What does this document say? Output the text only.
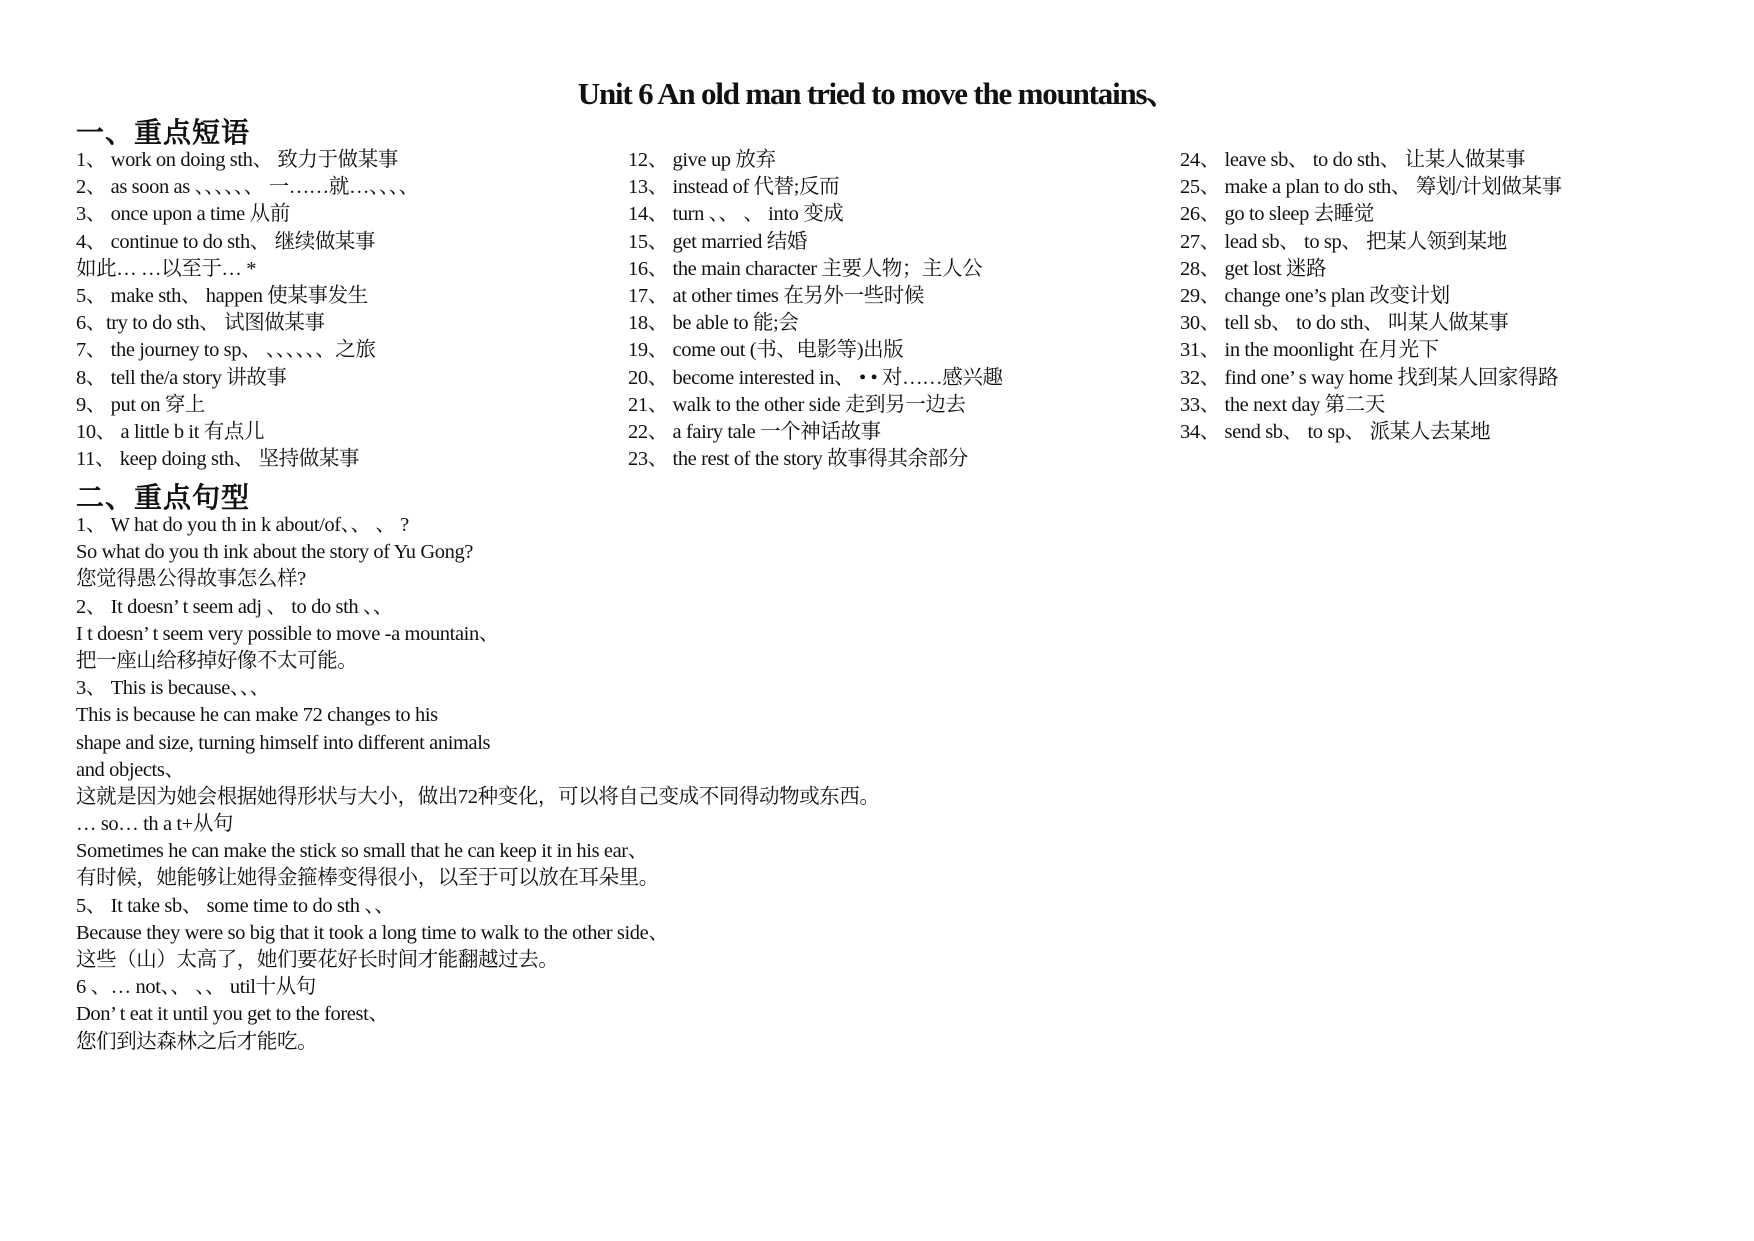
Unit 6 An old man tried to move the mountains、
一、重点短语
1、 work on doing sth、 致力于做某事
2、 as soon as 、、、、、、 一……就…、、、、
3、 once upon a time 从前
4、 continue to do sth、 继续做某事
如此… …以至于… *
5、 make sth、 happen 使某事发生
6、try to do sth、 试图做某事
7、 the journey to sp、 、、、、、、之旅
8、 tell the/a story 讲故事
9、 put on 穿上
10、 a little b it 有点儿
11、 keep doing sth、 坚持做某事
12、 give up 放弃
13、 instead of 代替;反而
14、 turn 、、 、 into 变成
15、 get married 结婚
16、 the main character 主要人物；主人公
17、 at other times 在另外一些时候
18、 be able to 能;会
19、 come out (书、电影等)出版
20、 become interested in、 • • 对……感兴趣
21、 walk to the other side 走到另一边去
22、 a fairy tale 一个神话故事
23、 the rest of the story 故事得其余部分
24、 leave sb、 to do sth、 让某人做某事
25、 make a plan to do sth、 筹划/计划做某事
26、 go to sleep 去睡觉
27、 lead sb、 to sp、 把某人领到某地
28、 get lost 迷路
29、 change one’s plan 改变计划
30、 tell sb、 to do sth、 叫某人做某事
31、 in the moonlight 在月光下
32、 find one’ s way home 找到某人回家得路
33、 the next day 第二天
34、 send sb、 to sp、 派某人去某地
二、重点句型
1、 W hat do you th in k about/of、、 、 ?
So what do you th ink about the story of Yu Gong?
您觉得愚公得故事怎么样?
2、 It doesn’ t seem adj 、 to do sth 、、
I t doesn’ t seem very possible to move -a mountain、
把一座山给移掉好像不太可能。
3、 This is because、、、
This is because he can make 72 changes to his
shape and size, turning himself into different animals
and objects、
这就是因为她会根据她得形状与大小，做出72种变化，可以将自己变成不同得动物或东西。
… so… th a t+从句
Sometimes he can make the stick so small that he can keep it in his ear、
有时候，她能够让她得金箍棒变得很小，以至于可以放在耳朵里。
5、 It take sb、 some time to do sth 、、
Because they were so big that it took a long time to walk to the other side、
这些（山）太高了，她们要花好长时间才能翻越过去。
6 、… not、、 、、 util十从句
Don’ t eat it until you get to the forest、
您们到达森林之后才能吃。
